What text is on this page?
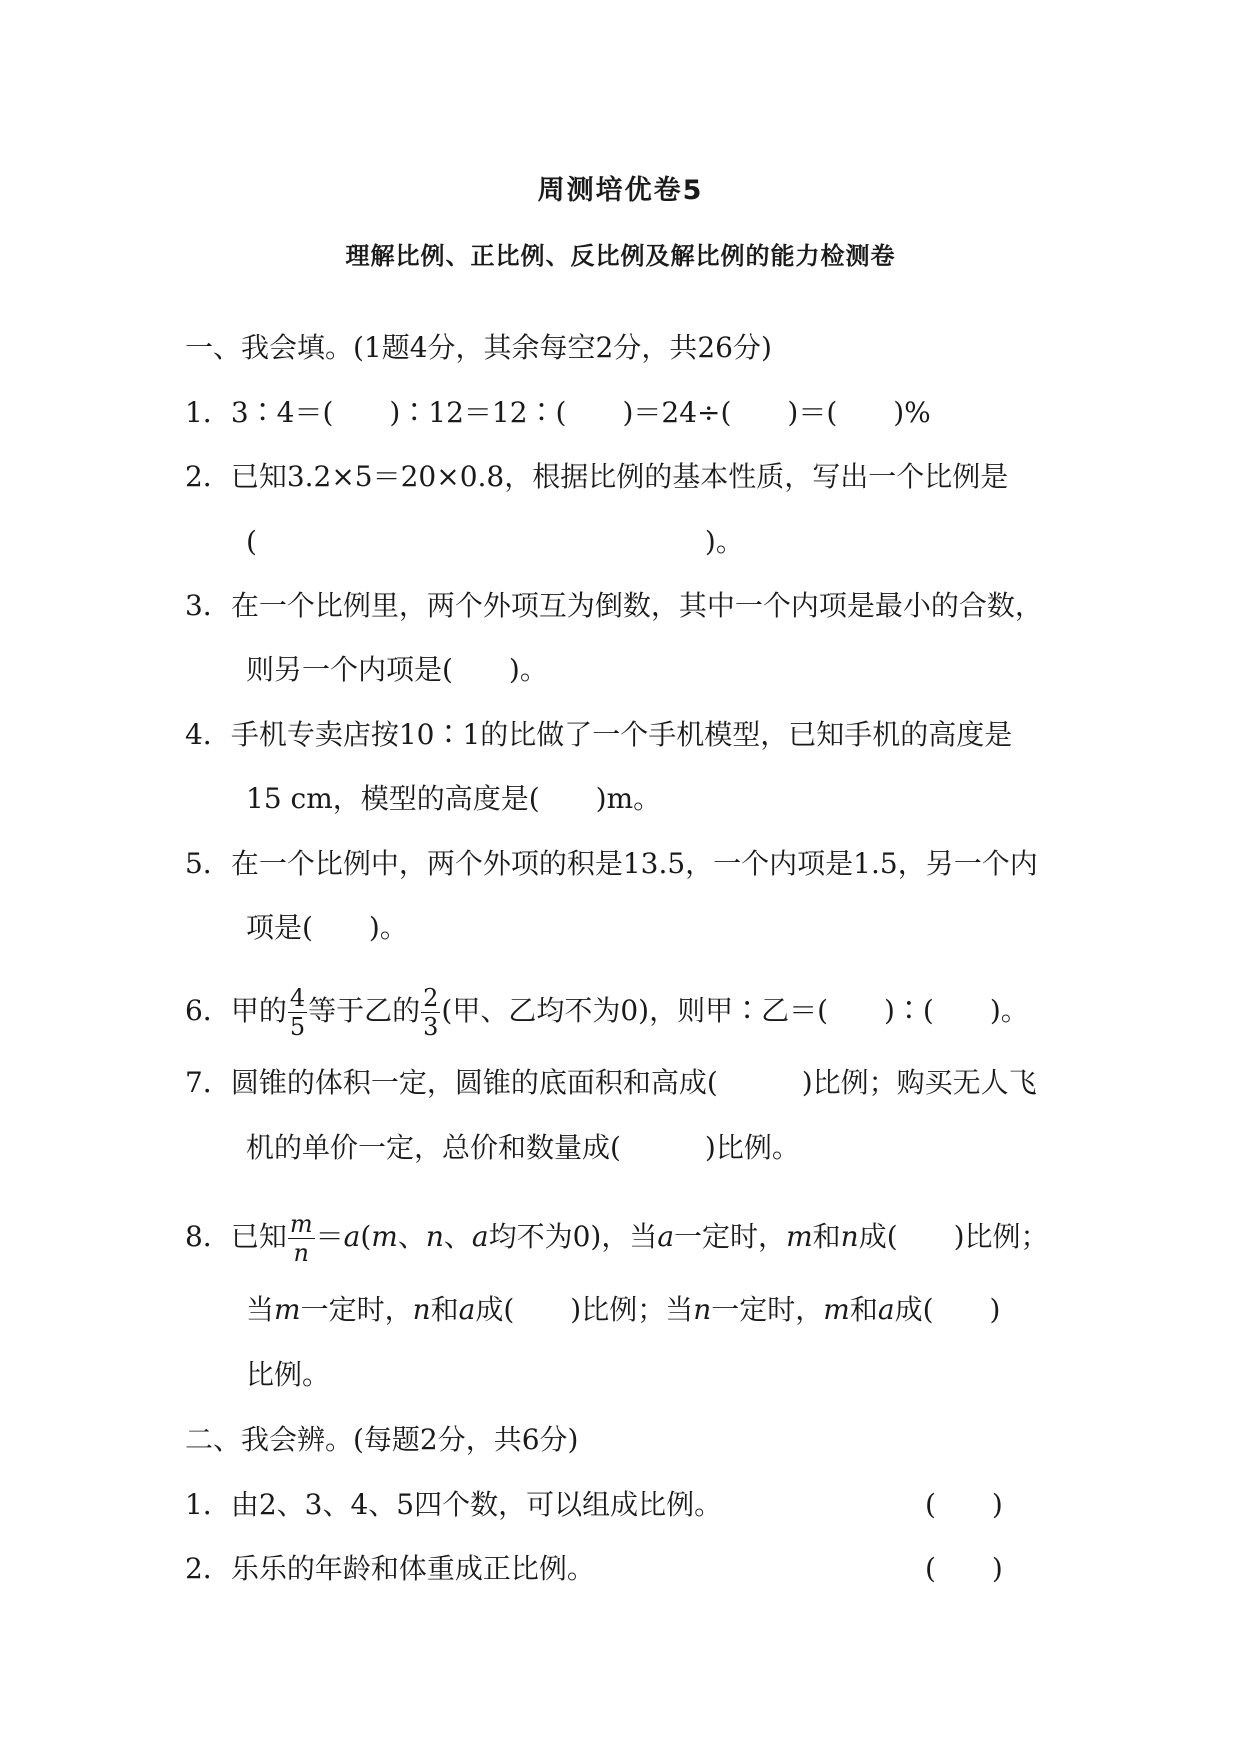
周测培优卷5
理解比例、正比例、反比例及解比例的能力检测卷
一、我会填。(1题4分，其余每空2分，共26分)
1．3∶4＝(　　)∶12＝12∶(　　)＝24÷(　　)＝(　　)%
2．已知3.2×5＝20×0.8，根据比例的基本性质，写出一个比例是
(　　　　　　　　　　　　　　　　)。
3．在一个比例里，两个外项互为倒数，其中一个内项是最小的合数，
则另一个内项是(　　)。
4．手机专卖店按10∶1的比做了一个手机模型，已知手机的高度是
15 cm，模型的高度是(　　)m。
5．在一个比例中，两个外项的积是13.5，一个内项是1.5，另一个内
项是(　　)。
6．甲的 $\frac{4}{5}$ 等于乙的 $\frac{2}{3}$ (甲、乙均不为0)，则甲∶乙＝(　　)∶(　　)。
7．圆锥的体积一定，圆锥的底面积和高成(　　　)比例；购买无人飞
机的单价一定，总价和数量成(　　　)比例。
8．已知 $\frac{m}{n} =a(m$、n、a均不为0)，当a一定时，m和n成(　　)比例；
当m一定时，n和a成(　　)比例；当n一定时，m和a成(　　)
比例。
二、我会辨。(每题2分，共6分)
1．由2、3、4、5四个数，可以组成比例。	(　　)
2．乐乐的年龄和体重成正比例。	(　　)
